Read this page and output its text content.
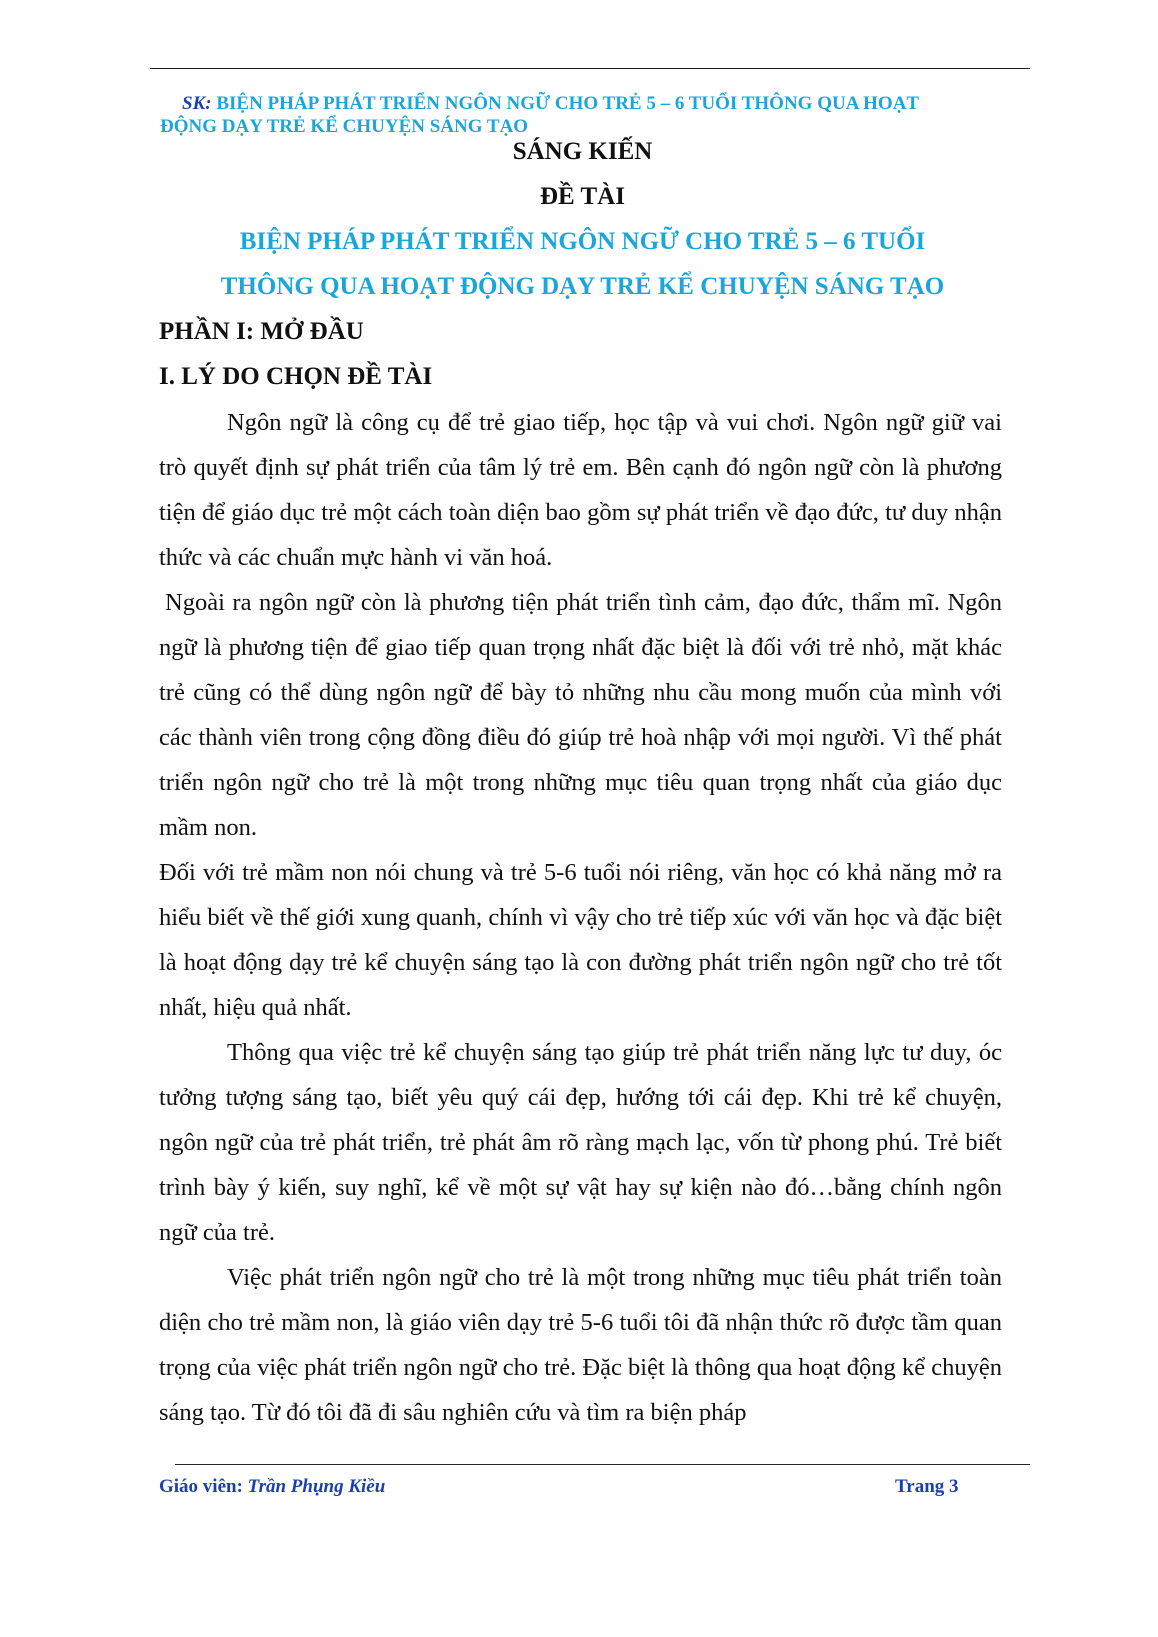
SK: BIỆN PHÁP PHÁT TRIỂN NGÔN NGỮ CHO TRẺ 5 – 6 TUỔI THÔNG QUA HOẠT
ĐỘNG DẠY TRẺ KỂ CHUYỆN SÁNG TẠO
SÁNG KIẾN
ĐỀ TÀI
BIỆN PHÁP PHÁT TRIỂN NGÔN NGỮ CHO TRẺ 5 – 6 TUỔI
THÔNG QUA HOẠT ĐỘNG DẠY TRẺ KỂ CHUYỆN SÁNG TẠO
PHẦN I: MỞ ĐẦU
I. LÝ DO CHỌN ĐỀ TÀI

Ngôn ngữ là công cụ để trẻ giao tiếp, học tập và vui chơi. Ngôn ngữ giữ vai trò quyết định sự phát triển của tâm lý trẻ em. Bên cạnh đó ngôn ngữ còn là phương tiện để giáo dục trẻ một cách toàn diện bao gồm sự phát triển về đạo đức, tư duy nhận thức và các chuẩn mực hành vi văn hoá.

Ngoài ra ngôn ngữ còn là phương tiện phát triển tình cảm, đạo đức, thẩm mĩ. Ngôn ngữ là phương tiện để giao tiếp quan trọng nhất đặc biệt là đối với trẻ nhỏ, mặt khác trẻ cũng có thể dùng ngôn ngữ để bày tỏ những nhu cầu mong muốn của mình với các thành viên trong cộng đồng điều đó giúp trẻ hoà nhập với mọi người. Vì thế phát triển ngôn ngữ cho trẻ là một trong những mục tiêu quan trọng nhất của giáo dục mầm non.

Đối với trẻ mầm non nói chung và trẻ 5-6 tuổi nói riêng, văn học có khả năng mở ra hiểu biết về thế giới xung quanh, chính vì vậy cho trẻ tiếp xúc với văn học và đặc biệt là hoạt động dạy trẻ kể chuyện sáng tạo là con đường phát triển ngôn ngữ cho trẻ tốt nhất, hiệu quả nhất.

Thông qua việc trẻ kể chuyện sáng tạo giúp trẻ phát triển năng lực tư duy, óc tưởng tượng sáng tạo, biết yêu quý cái đẹp, hướng tới cái đẹp. Khi trẻ kể chuyện, ngôn ngữ của trẻ phát triển, trẻ phát âm rõ ràng mạch lạc, vốn từ phong phú. Trẻ biết trình bày ý kiến, suy nghĩ, kể về một sự vật hay sự kiện nào đó…bằng chính ngôn ngữ của trẻ.

Việc phát triển ngôn ngữ cho trẻ là một trong những mục tiêu phát triển toàn diện cho trẻ mầm non, là giáo viên dạy trẻ 5-6 tuổi tôi đã nhận thức rõ được tầm quan trọng của việc phát triển ngôn ngữ cho trẻ. Đặc biệt là thông qua hoạt động kể chuyện sáng tạo. Từ đó tôi đã đi sâu nghiên cứu và tìm ra biện pháp

Giáo viên: Trần Phụng Kiều	Trang 3
